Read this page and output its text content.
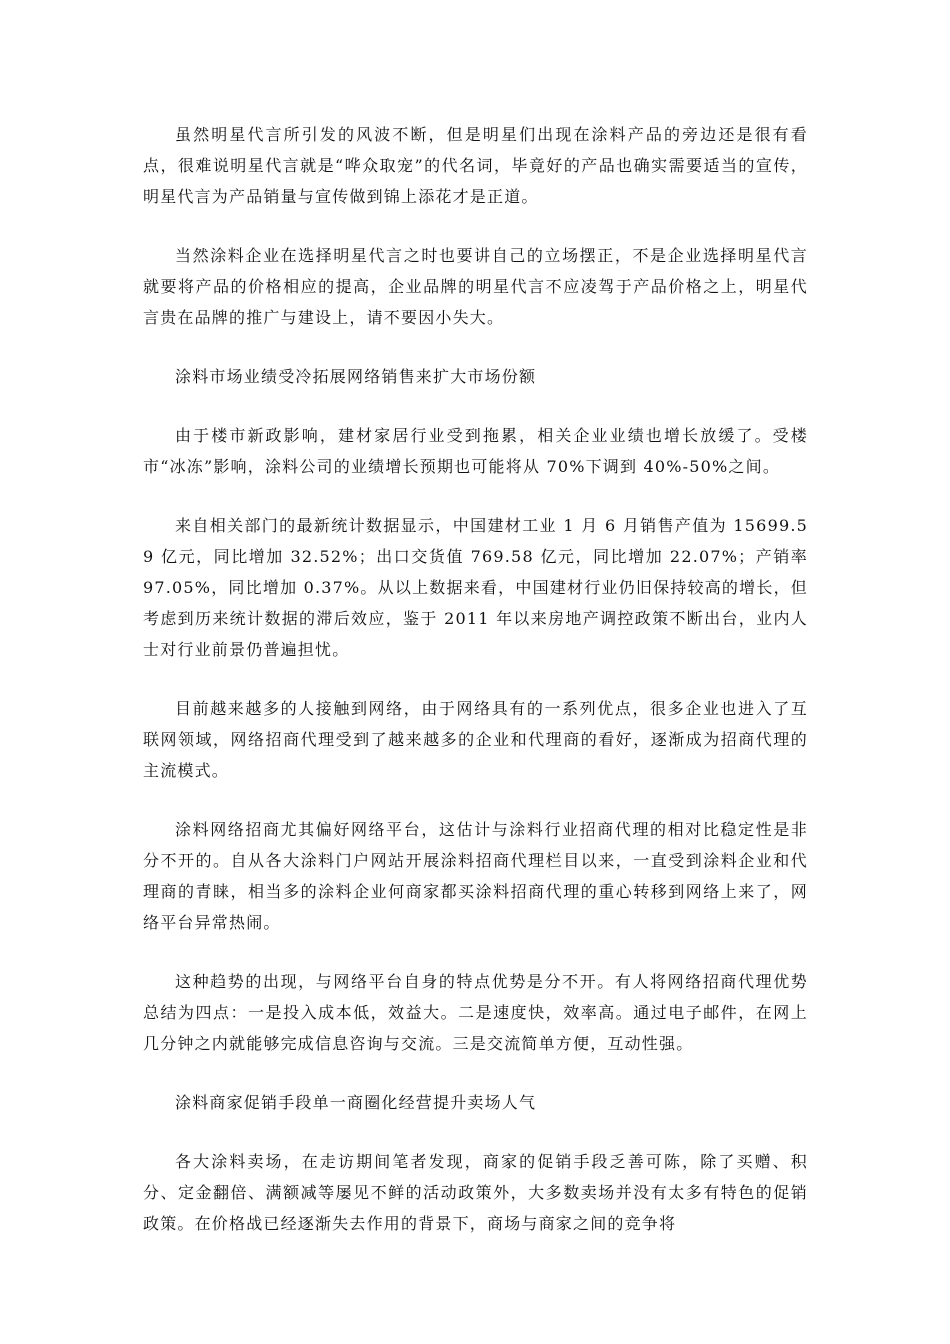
虽然明星代言所引发的风波不断，但是明星们出现在涂料产品的旁边还是很有看点，很难说明星代言就是“哗众取宠”的代名词，毕竟好的产品也确实需要适当的宣传，明星代言为产品销量与宣传做到锦上添花才是正道。

当然涂料企业在选择明星代言之时也要讲自己的立场摆正，不是企业选择明星代言就要将产品的价格相应的提高，企业品牌的明星代言不应凌驾于产品价格之上，明星代言贵在品牌的推广与建设上，请不要因小失大。

涂料市场业绩受冷拓展网络销售来扩大市场份额

由于楼市新政影响，建材家居行业受到拖累，相关企业业绩也增长放缓了。受楼市“冰冻”影响，涂料公司的业绩增长预期也可能将从 70%下调到 40%-50%之间。

来自相关部门的最新统计数据显示，中国建材工业 1 月 6 月销售产值为 15699.59 亿元，同比增加 32.52%；出口交货值 769.58 亿元，同比增加 22.07%；产销率 97.05%，同比增加 0.37%。从以上数据来看，中国建材行业仍旧保持较高的增长，但考虑到历来统计数据的滞后效应，鉴于 2011 年以来房地产调控政策不断出台，业内人士对行业前景仍普遍担忧。

目前越来越多的人接触到网络，由于网络具有的一系列优点，很多企业也进入了互联网领域，网络招商代理受到了越来越多的企业和代理商的看好，逐渐成为招商代理的主流模式。

涂料网络招商尤其偏好网络平台，这估计与涂料行业招商代理的相对比稳定性是非分不开的。自从各大涂料门户网站开展涂料招商代理栏目以来，一直受到涂料企业和代理商的青睐，相当多的涂料企业何商家都买涂料招商代理的重心转移到网络上来了，网络平台异常热闹。

这种趋势的出现，与网络平台自身的特点优势是分不开。有人将网络招商代理优势总结为四点：一是投入成本低，效益大。二是速度快，效率高。通过电子邮件，在网上几分钟之内就能够完成信息咨询与交流。三是交流简单方便，互动性强。

涂料商家促销手段单一商圈化经营提升卖场人气

各大涂料卖场，在走访期间笔者发现，商家的促销手段乏善可陈，除了买赠、积分、定金翻倍、满额减等屡见不鲜的活动政策外，大多数卖场并没有太多有特色的促销政策。在价格战已经逐渐失去作用的背景下，商场与商家之间的竞争将
